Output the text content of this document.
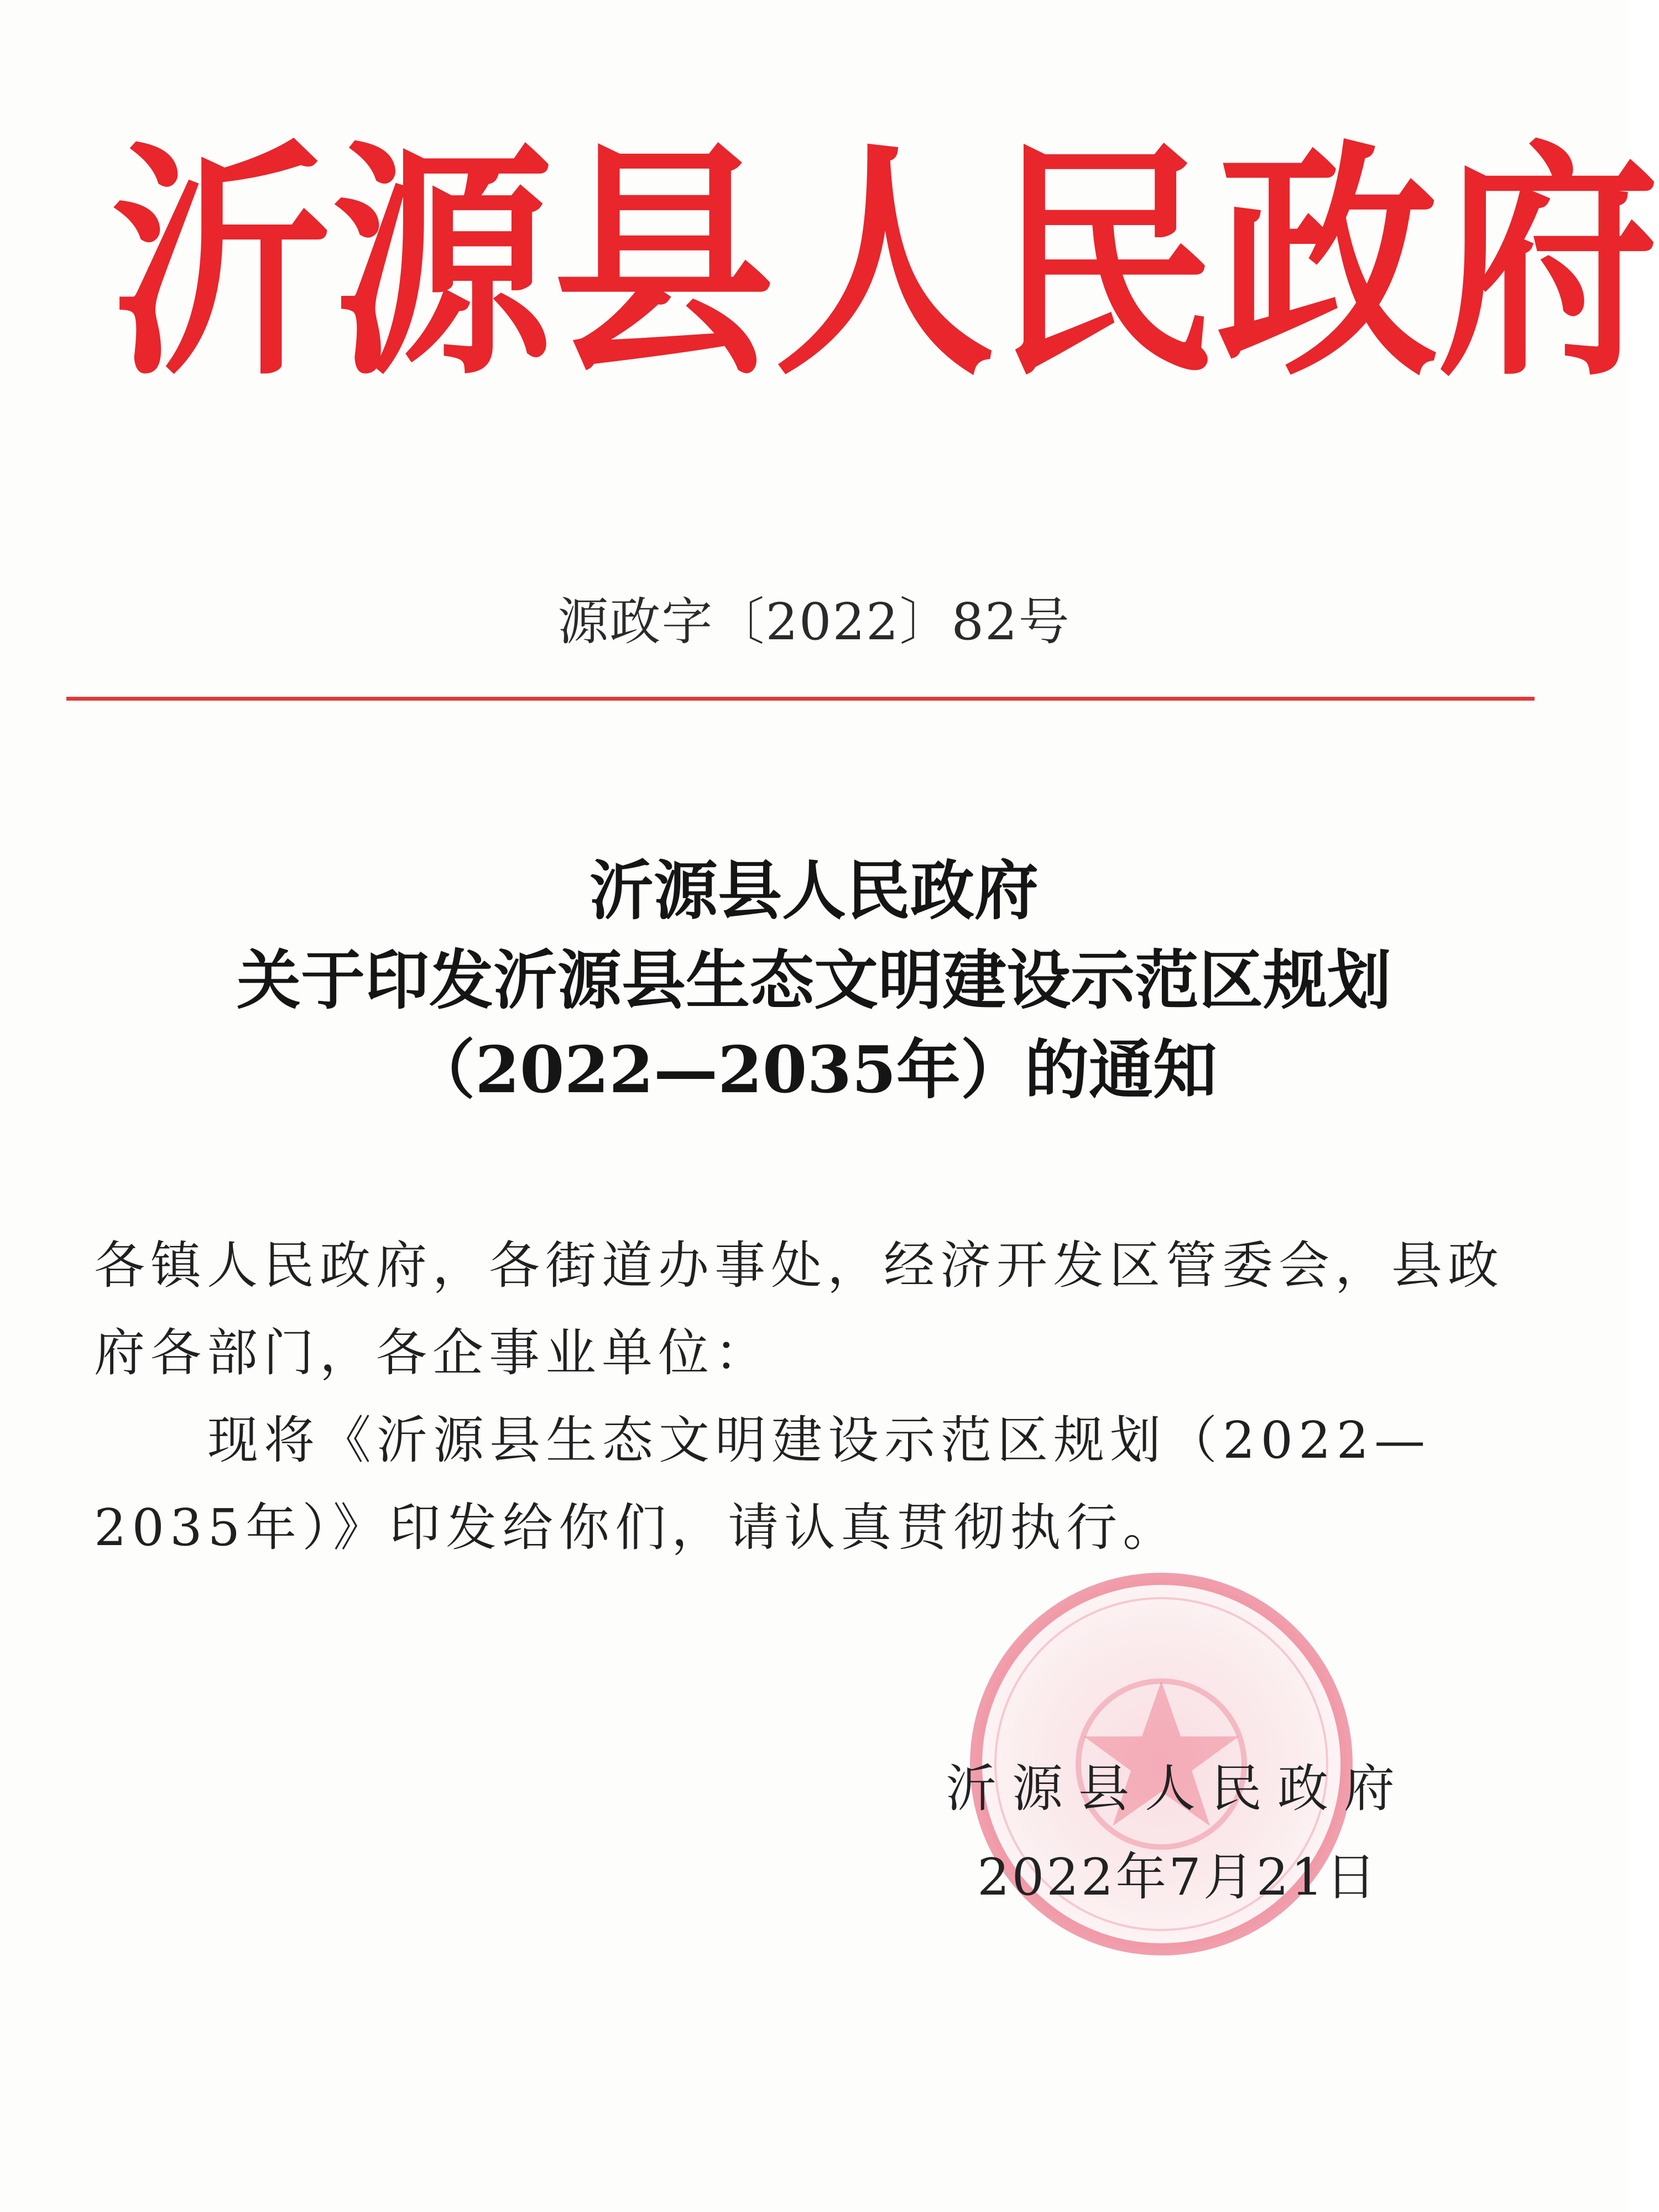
沂 源 县 人 民 政 府
源政字〔2022〕82号
沂源县人民政府
关于印发沂源县生态文明建设示范区规划
（2022—2035年）的通知

各镇人民政府，各街道办事处，经济开发区管委会，县政府各部门，各企事业单位：

现将《沂源县生态文明建设示范区规划（2022—2035年）》印发给你们，请认真贯彻执行。

沂源县人民政府
2022年7月21日
